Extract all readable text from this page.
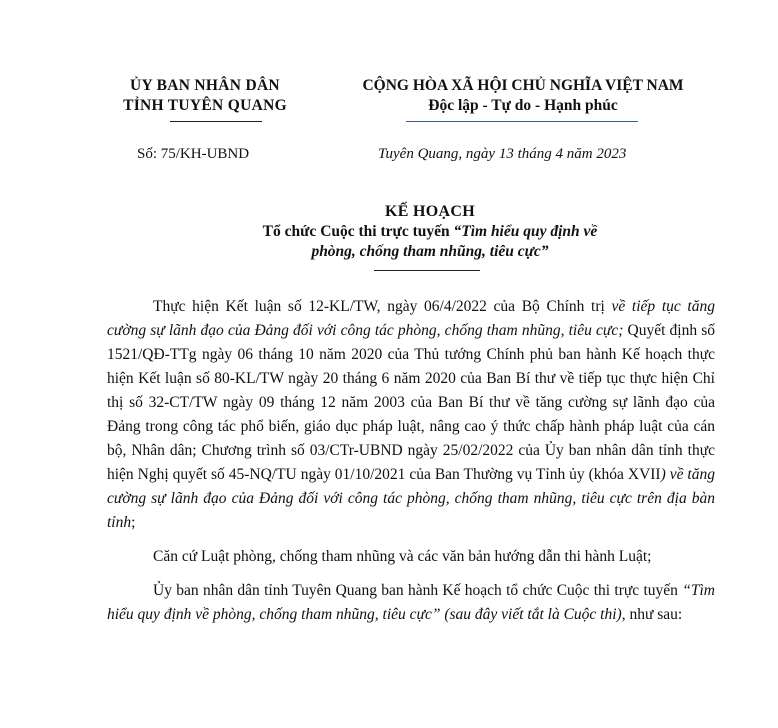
ỦY BAN NHÂN DÂN
TỈNH TUYÊN QUANG
CỘNG HÒA XÃ HỘI CHỦ NGHĨA VIỆT NAM
Độc lập - Tự do - Hạnh phúc
Số: 75/KH-UBND	Tuyên Quang, ngày 13 tháng 4 năm 2023
KẾ HOẠCH
Tổ chức Cuộc thi trực tuyến “Tìm hiểu quy định về
phòng, chống tham nhũng, tiêu cực”

Thực hiện Kết luận số 12-KL/TW, ngày 06/4/2022 của Bộ Chính trị về tiếp tục tăng cường sự lãnh đạo của Đảng đối với công tác phòng, chống tham nhũng, tiêu cực; Quyết định số 1521/QĐ-TTg ngày 06 tháng 10 năm 2020 của Thủ tướng Chính phủ ban hành Kế hoạch thực hiện Kết luận số 80-KL/TW ngày 20 tháng 6 năm 2020 của Ban Bí thư về tiếp tục thực hiện Chỉ thị số 32-CT/TW ngày 09 tháng 12 năm 2003 của Ban Bí thư về tăng cường sự lãnh đạo của Đảng trong công tác phổ biến, giáo dục pháp luật, nâng cao ý thức chấp hành pháp luật của cán bộ, Nhân dân; Chương trình số 03/CTr-UBND ngày 25/02/2022 của Ủy ban nhân dân tỉnh thực hiện Nghị quyết số 45-NQ/TU ngày 01/10/2021 của Ban Thường vụ Tỉnh ủy (khóa XVII) về tăng cường sự lãnh đạo của Đảng đối với công tác phòng, chống tham nhũng, tiêu cực trên địa bàn tỉnh;

Căn cứ Luật phòng, chống tham nhũng và các văn bản hướng dẫn thi hành Luật;

Ủy ban nhân dân tỉnh Tuyên Quang ban hành Kế hoạch tổ chức Cuộc thi trực tuyến “Tìm hiểu quy định về phòng, chống tham nhũng, tiêu cực” (sau đây viết tắt là Cuộc thi), như sau:
